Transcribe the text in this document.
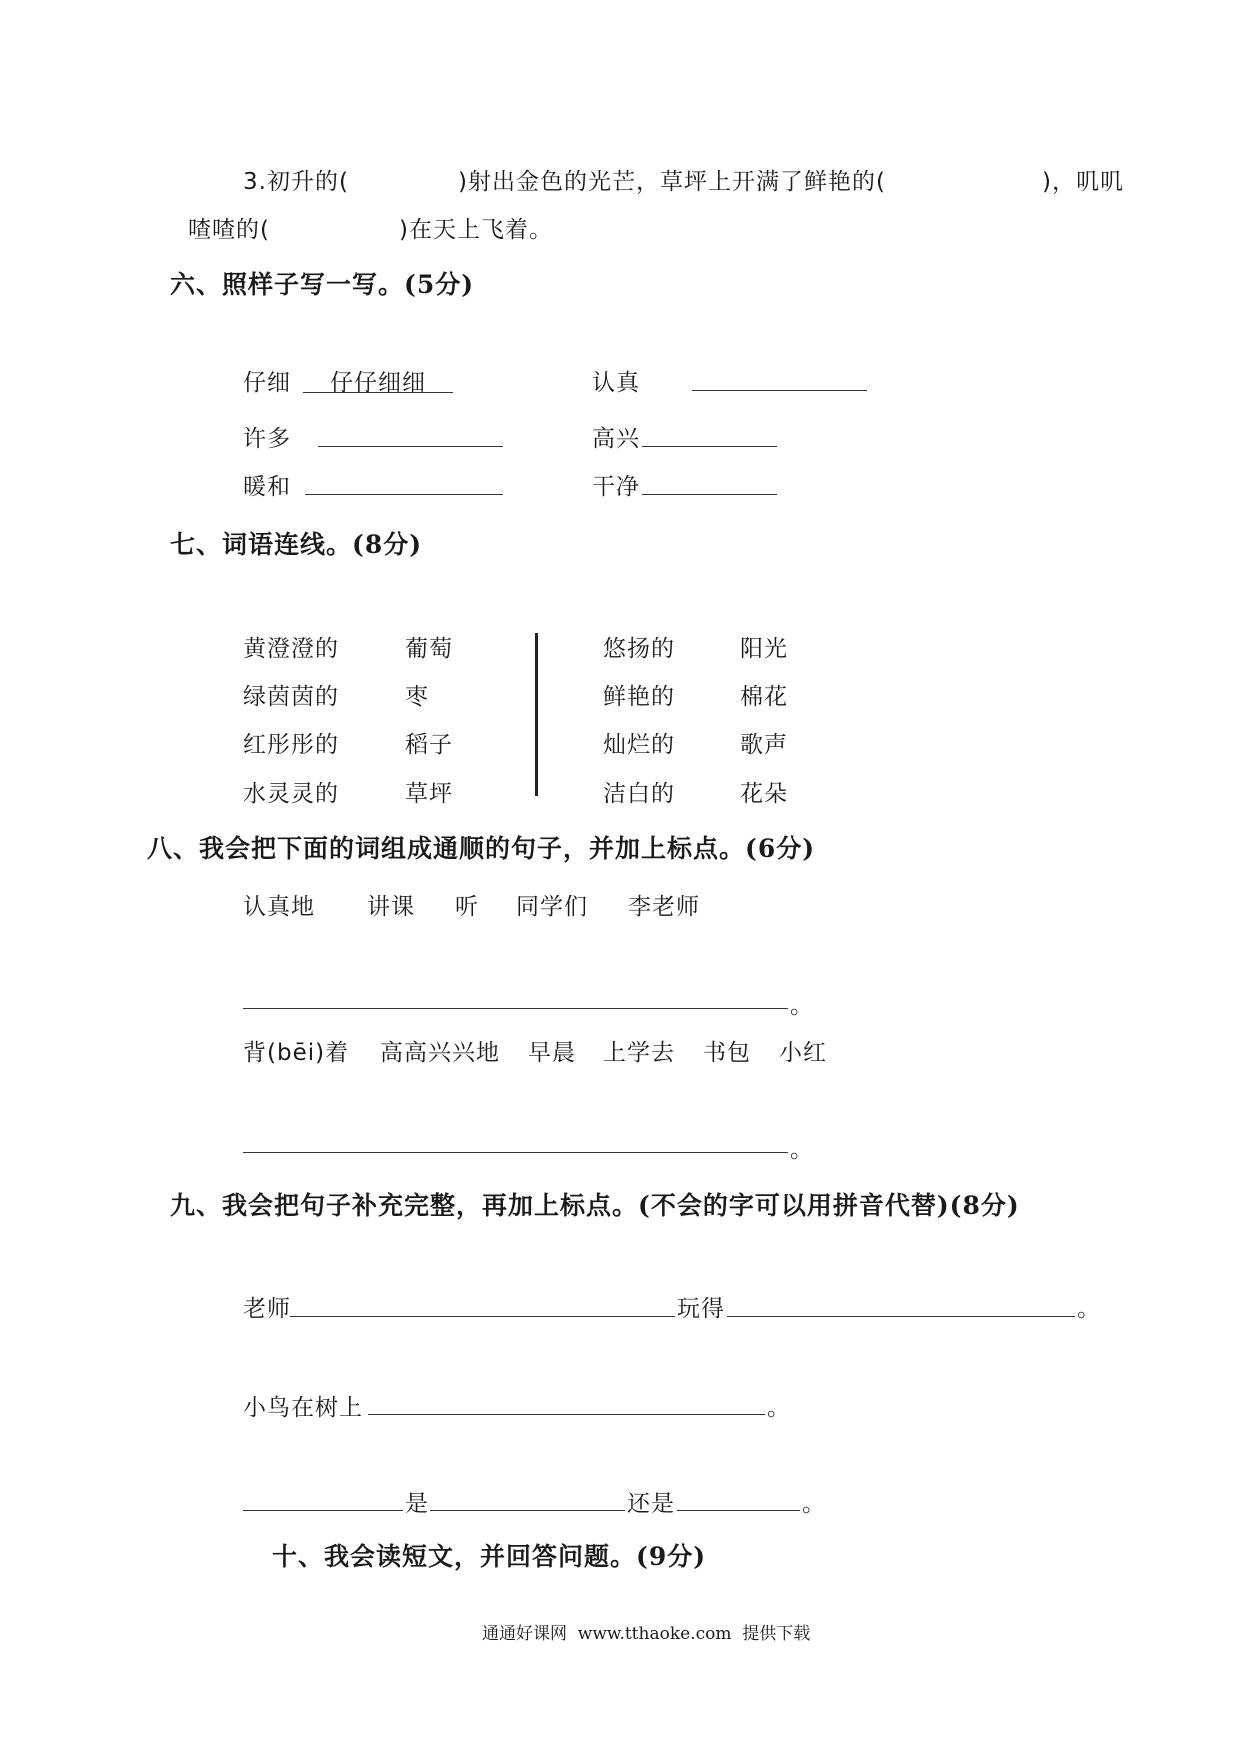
3.初升的(	)射出金色的光芒，草坪上开满了鲜艳的(	)，叽叽
喳喳的(	)在天上飞着。
六、照样子写一写。(5分)
仔细 仔仔细细	认真
许多	高兴
暖和	干净
七、词语连线。(8分)
黄澄澄的	葡萄
绿茵茵的	枣
红彤彤的	稻子
水灵灵的	草坪
悠扬的	阳光
鲜艳的	棉花
灿烂的	歌声
洁白的	花朵
八、我会把下面的词组成通顺的句子，并加上标点。(6分)
认真地 讲课 听 同学们 李老师
。
背(bēi)着 高高兴兴地 早晨 上学去 书包 小红
。
九、我会把句子补充完整，再加上标点。(不会的字可以用拼音代替)(8分)
老师	玩得	。
小鸟在树上	。
是	还是	。
十、我会读短文，并回答问题。(9分)
通通好课网  www.tthaoke.com  提供下载
